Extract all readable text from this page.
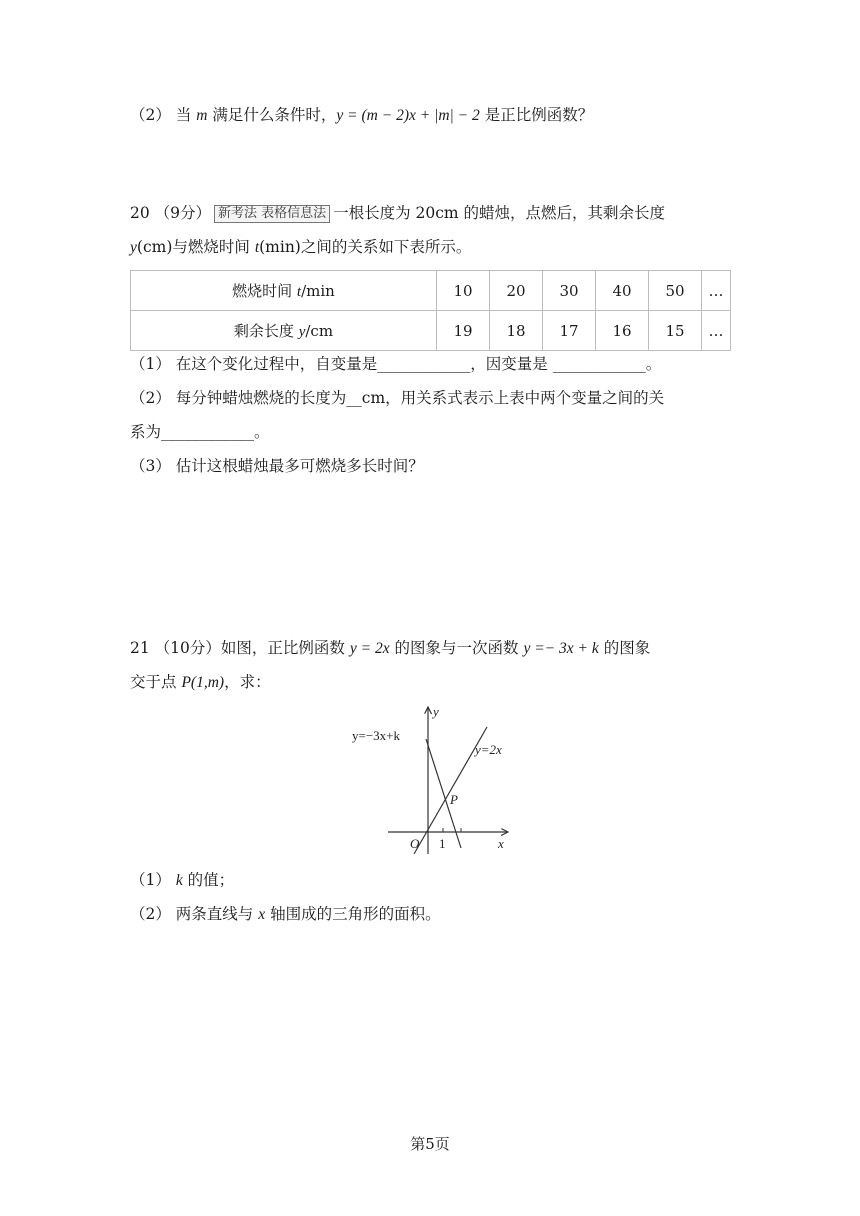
（2） 当 m 满足什么条件时，y = (m − 2)x + |m| − 2 是正比例函数？
20 （9分） 新考法 表格信息法 一根长度为 20cm 的蜡烛，点燃后，其剩余长度
y(cm)与燃烧时间 t(min)之间的关系如下表所示。
燃烧时间 t/min	10	20	30	40	50	…
剩余长度 y/cm	19	18	17	16	15	…
（1） 在这个变化过程中，自变量是____________，因变量是 ____________。
（2） 每分钟蜡烛燃烧的长度为__cm，用关系式表示上表中两个变量之间的关
系为____________。
（3） 估计这根蜡烛最多可燃烧多长时间？
21 （10分）如图，正比例函数 y = 2x 的图象与一次函数 y =− 3x + k 的图象
交于点 P(1,m)，求：
y=−3x+k
y=2x
P
O 1	x
y
（1） k 的值；
（2） 两条直线与 x 轴围成的三角形的面积。
第5页
